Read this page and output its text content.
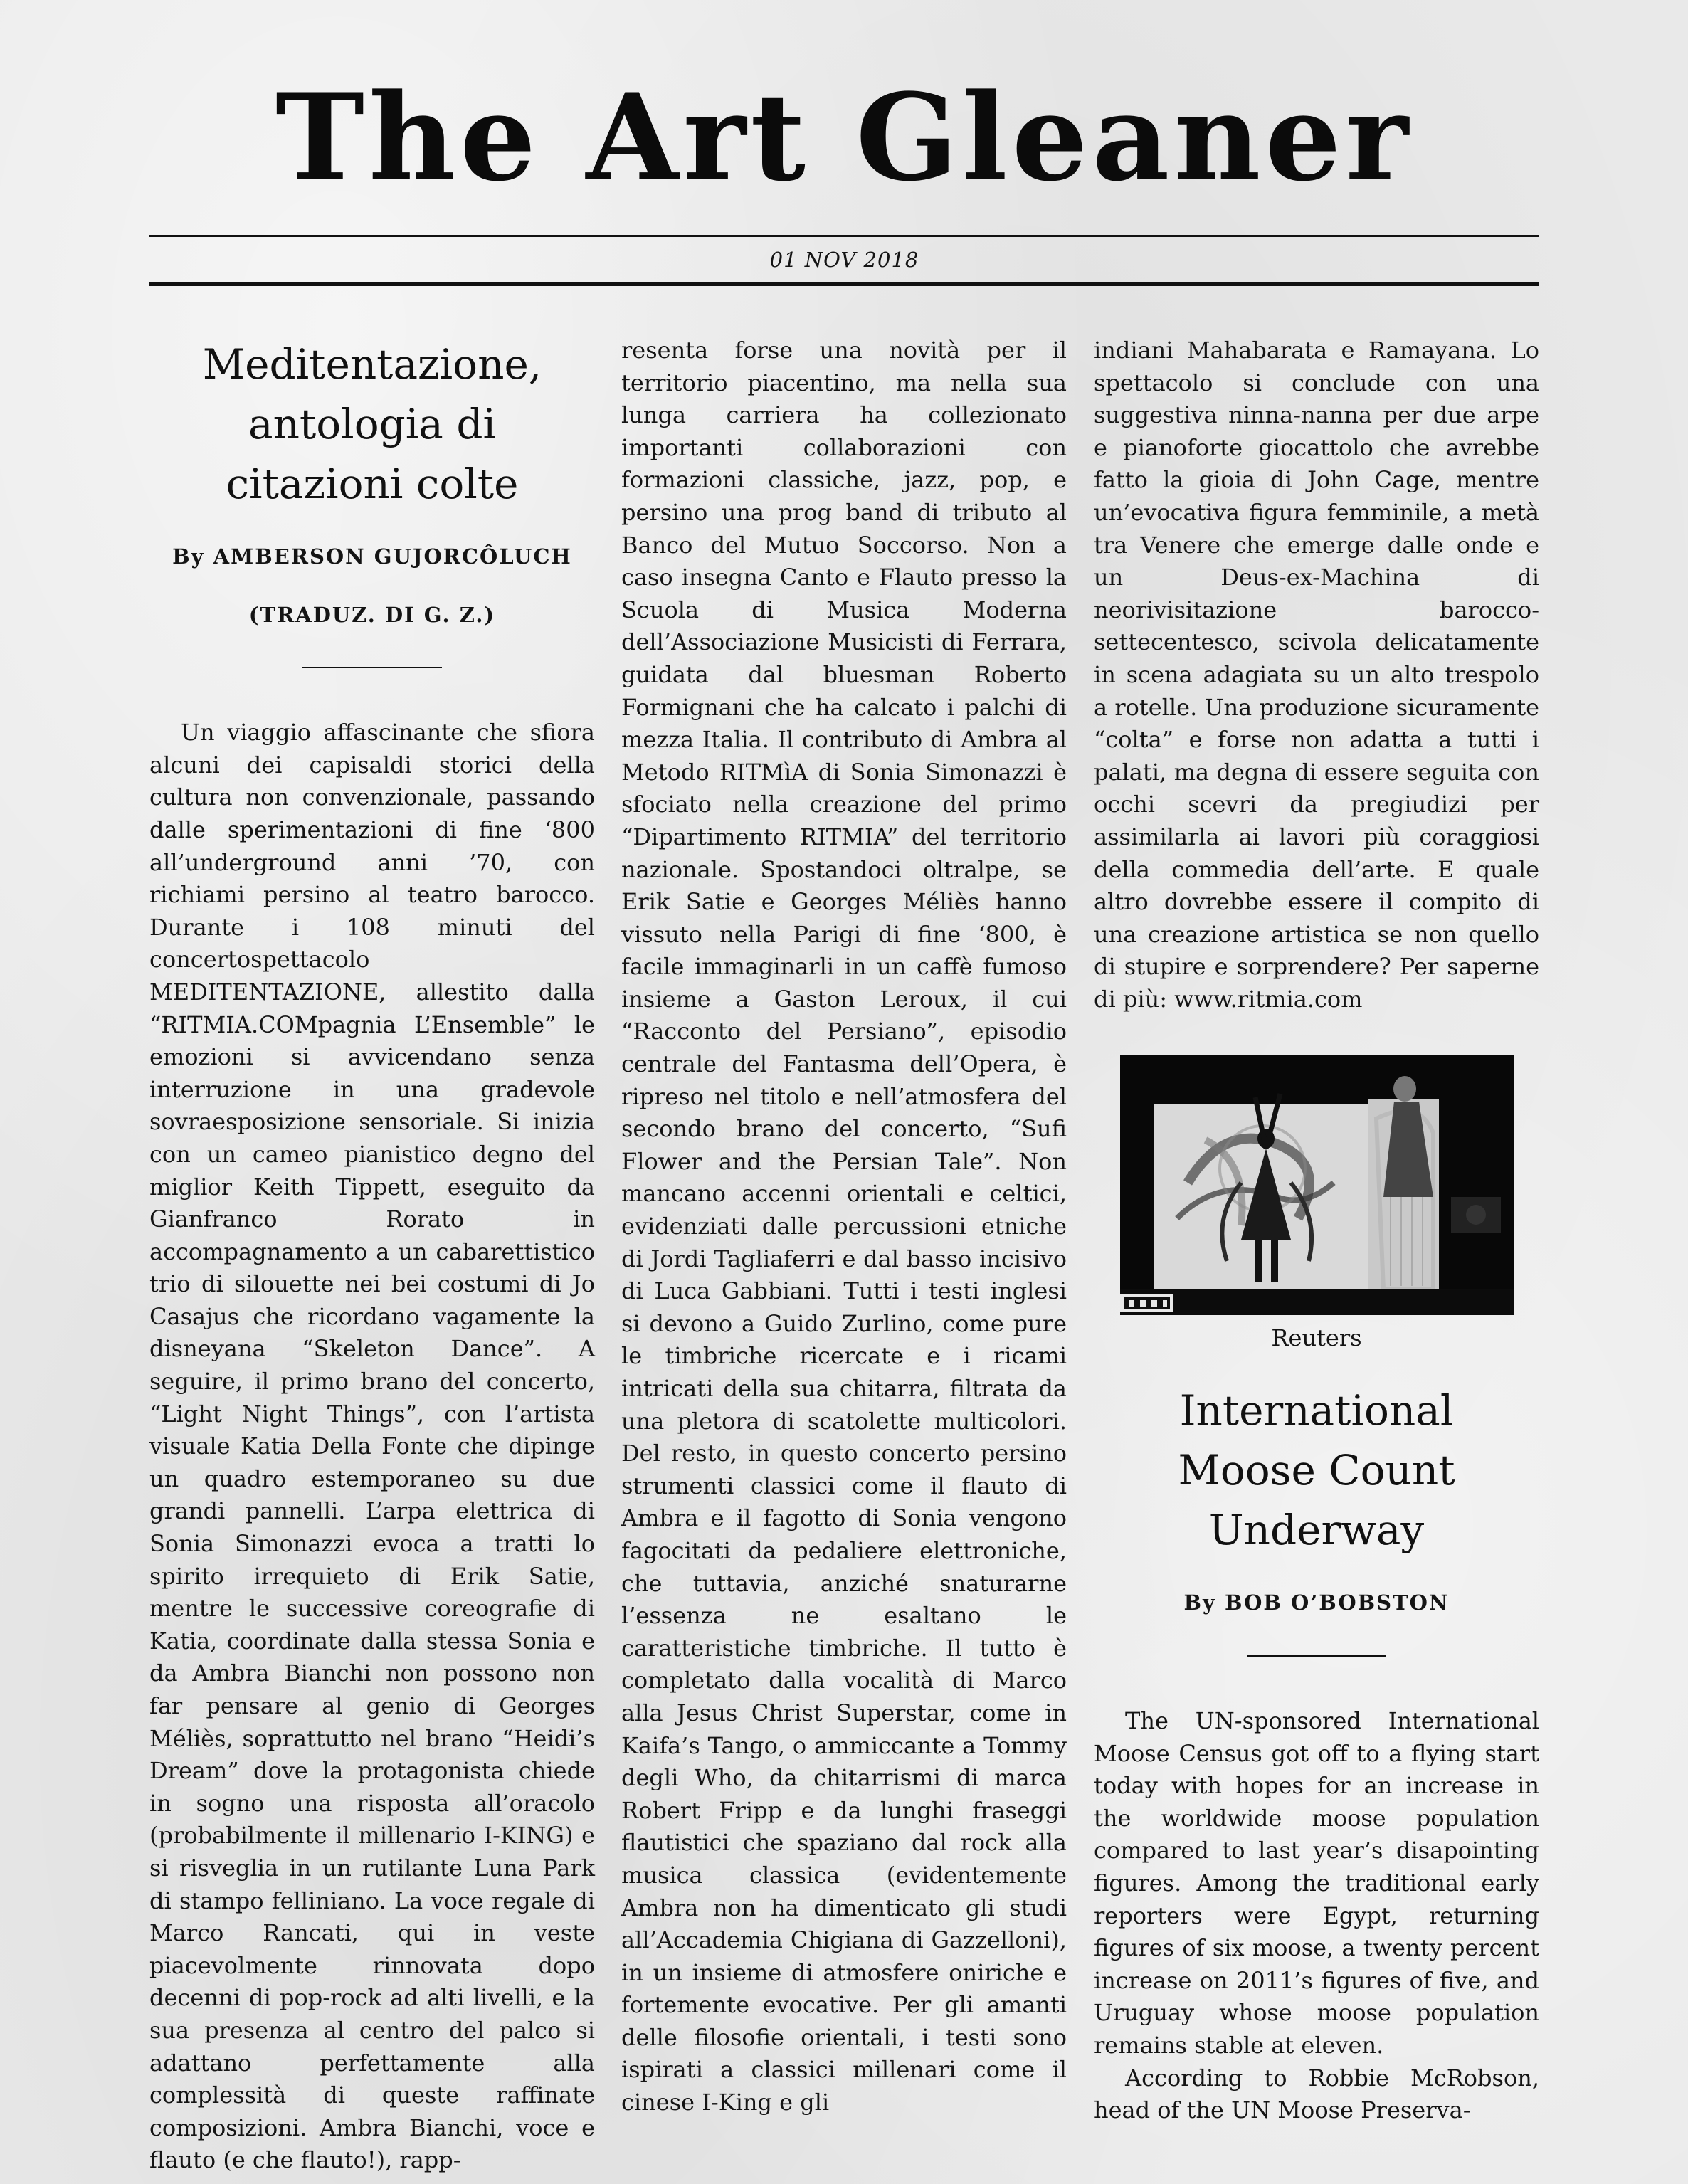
The Art Gleaner
01 NOV 2018
Meditentazione,
antologia di
citazioni colte
By AMBERSON GUJORCÔLUCH
(TRADUZ. DI G. Z.)

Un viaggio affascinante che sfiora alcuni dei capisaldi storici della cultura non convenzionale, passando dalle sperimentazioni di fine ‘800 all’underground anni ’70, con richiami persino al teatro barocco. Durante i 108 minuti del concertospettacolo MEDITENTAZIONE, allestito dalla “RITMIA.COMpagnia L’Ensemble” le emozioni si avvicendano senza interruzione in una gradevole sovraesposizione sensoriale. Si inizia con un cameo pianistico degno del miglior Keith Tippett, eseguito da Gianfranco Rorato in accompagnamento a un cabarettistico trio di silouette nei bei costumi di Jo Casajus che ricordano vagamente la disneyana “Skeleton Dance”. A seguire, il primo brano del concerto, “Light Night Things”, con l’artista visuale Katia Della Fonte che dipinge un quadro estemporaneo su due grandi pannelli. L’arpa elettrica di Sonia Simonazzi evoca a tratti lo spirito irrequieto di Erik Satie, mentre le successive coreografie di Katia, coordinate dalla stessa Sonia e da Ambra Bianchi non possono non far pensare al genio di Georges Méliès, soprattutto nel brano “Heidi’s Dream” dove la protagonista chiede in sogno una risposta all’oracolo (probabilmente il millenario I-KING) e si risveglia in un rutilante Luna Park di stampo felliniano. La voce regale di Marco Rancati, qui in veste piacevolmente rinnovata dopo decenni di pop-rock ad alti livelli, e la sua presenza al centro del palco si adattano perfettamente alla complessità di queste raffinate composizioni. Ambra Bianchi, voce e flauto (e che flauto!), rapp-

resenta forse una novità per il territorio piacentino, ma nella sua lunga carriera ha collezionato importanti collaborazioni con formazioni classiche, jazz, pop, e persino una prog band di tributo al Banco del Mutuo Soccorso. Non a caso insegna Canto e Flauto presso la Scuola di Musica Moderna dell’Associazione Musicisti di Ferrara, guidata dal bluesman Roberto Formignani che ha calcato i palchi di mezza Italia. Il contributo di Ambra al Metodo RITMìA di Sonia Simonazzi è sfociato nella creazione del primo “Dipartimento RITMIA” del territorio nazionale. Spostandoci oltralpe, se Erik Satie e Georges Méliès hanno vissuto nella Parigi di fine ‘800, è facile immaginarli in un caffè fumoso insieme a Gaston Leroux, il cui “Racconto del Persiano”, episodio centrale del Fantasma dell’Opera, è ripreso nel titolo e nell’atmosfera del secondo brano del concerto, “Sufi Flower and the Persian Tale”. Non mancano accenni orientali e celtici, evidenziati dalle percussioni etniche di Jordi Tagliaferri e dal basso incisivo di Luca Gabbiani. Tutti i testi inglesi si devono a Guido Zurlino, come pure le timbriche ricercate e i ricami intricati della sua chitarra, filtrata da una pletora di scatolette multicolori. Del resto, in questo concerto persino strumenti classici come il flauto di Ambra e il fagotto di Sonia vengono fagocitati da pedaliere elettroniche, che tuttavia, anziché snaturarne l’essenza ne esaltano le caratteristiche timbriche. Il tutto è completato dalla vocalità di Marco alla Jesus Christ Superstar, come in Kaifa’s Tango, o ammiccante a Tommy degli Who, da chitarrismi di marca Robert Fripp e da lunghi fraseggi flautistici che spaziano dal rock alla musica classica (evidentemente Ambra non ha dimenticato gli studi all’Accademia Chigiana di Gazzelloni), in un insieme di atmosfere oniriche e fortemente evocative. Per gli amanti delle filosofie orientali, i testi sono ispirati a classici millenari come il cinese I-King e gli

indiani Mahabarata e Ramayana. Lo spettacolo si conclude con una suggestiva ninna-nanna per due arpe e pianoforte giocattolo che avrebbe fatto la gioia di John Cage, mentre un’evocativa figura femminile, a metà tra Venere che emerge dalle onde e un Deus-ex-Machina di neorivisitazione barocco-settecentesco, scivola delicatamente in scena adagiata su un alto trespolo a rotelle. Una produzione sicuramente “colta” e forse non adatta a tutti i palati, ma degna di essere seguita con occhi scevri da pregiudizi per assimilarla ai lavori più coraggiosi della commedia dell’arte. E quale altro dovrebbe essere il compito di una creazione artistica se non quello di stupire e sorprendere? Per saperne di più: www.ritmia.com

Reuters
International
Moose Count
Underway
By BOB O’BOBSTON

The UN-sponsored International Moose Census got off to a flying start today with hopes for an increase in the worldwide moose population compared to last year’s disapointing figures. Among the traditional early reporters were Egypt, returning figures of six moose, a twenty percent increase on 2011’s figures of five, and Uruguay whose moose population remains stable at eleven.

According to Robbie McRobson, head of the UN Moose Preserva-
